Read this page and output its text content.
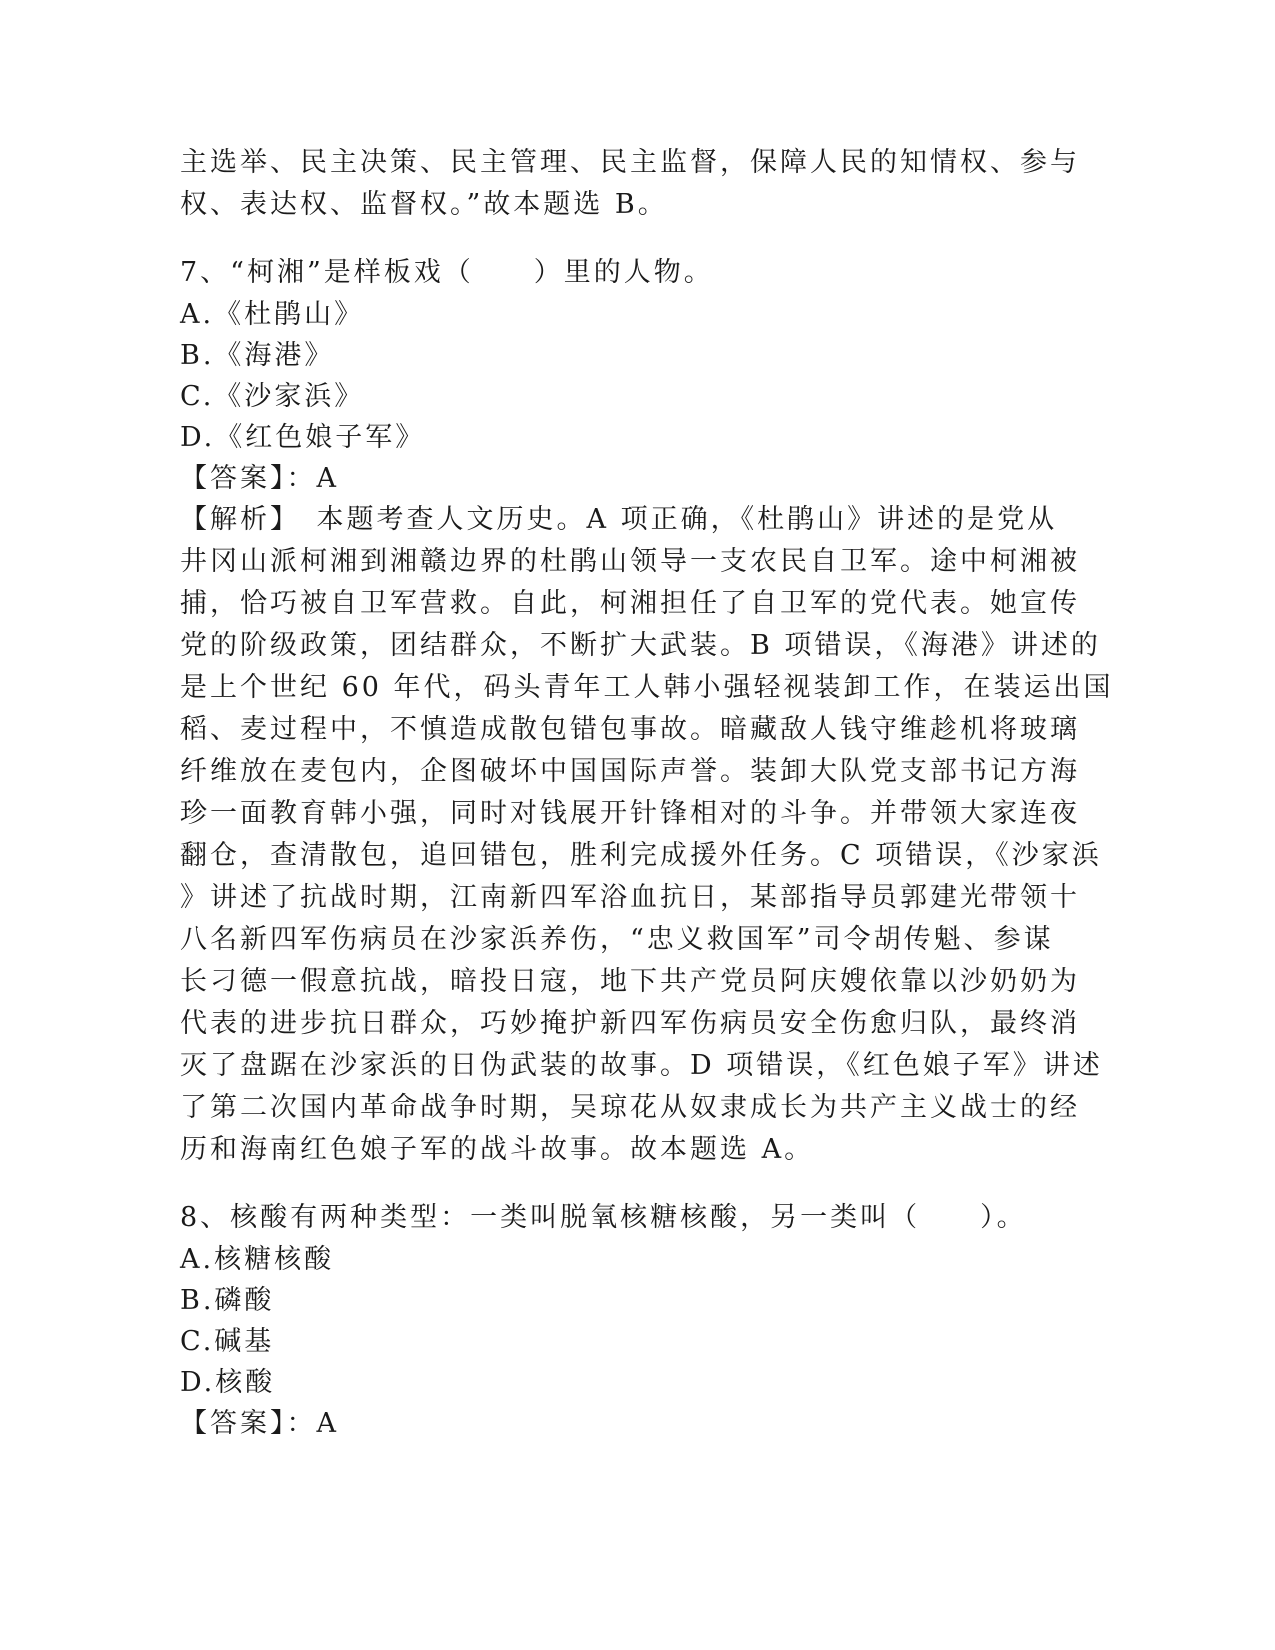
主选举、民主决策、民主管理、民主监督，保障人民的知情权、参与
权、表达权、监督权。”故本题选 B。
7、“柯湘”是样板戏（　　）里的人物。
A.《杜鹃山》
B.《海港》
C.《沙家浜》
D.《红色娘子军》
【答案】：A
【解析】　本题考查人文历史。A 项正确，《杜鹃山》讲述的是党从
井冈山派柯湘到湘赣边界的杜鹃山领导一支农民自卫军。途中柯湘被
捕，恰巧被自卫军营救。自此，柯湘担任了自卫军的党代表。她宣传
党的阶级政策，团结群众，不断扩大武装。B 项错误，《海港》讲述的
是上个世纪 60 年代，码头青年工人韩小强轻视装卸工作，在装运出国
稻、麦过程中，不慎造成散包错包事故。暗藏敌人钱守维趁机将玻璃
纤维放在麦包内，企图破坏中国国际声誉。装卸大队党支部书记方海
珍一面教育韩小强，同时对钱展开针锋相对的斗争。并带领大家连夜
翻仓，查清散包，追回错包，胜利完成援外任务。C 项错误，《沙家浜
》讲述了抗战时期，江南新四军浴血抗日，某部指导员郭建光带领十
八名新四军伤病员在沙家浜养伤，“忠义救国军”司令胡传魁、参谋
长刁德一假意抗战，暗投日寇，地下共产党员阿庆嫂依靠以沙奶奶为
代表的进步抗日群众，巧妙掩护新四军伤病员安全伤愈归队，最终消
灭了盘踞在沙家浜的日伪武装的故事。D 项错误，《红色娘子军》讲述
了第二次国内革命战争时期，吴琼花从奴隶成长为共产主义战士的经
历和海南红色娘子军的战斗故事。故本题选 A。
8、核酸有两种类型：一类叫脱氧核糖核酸，另一类叫（　　）。
A.核糖核酸
B.磷酸
C.碱基
D.核酸
【答案】：A
